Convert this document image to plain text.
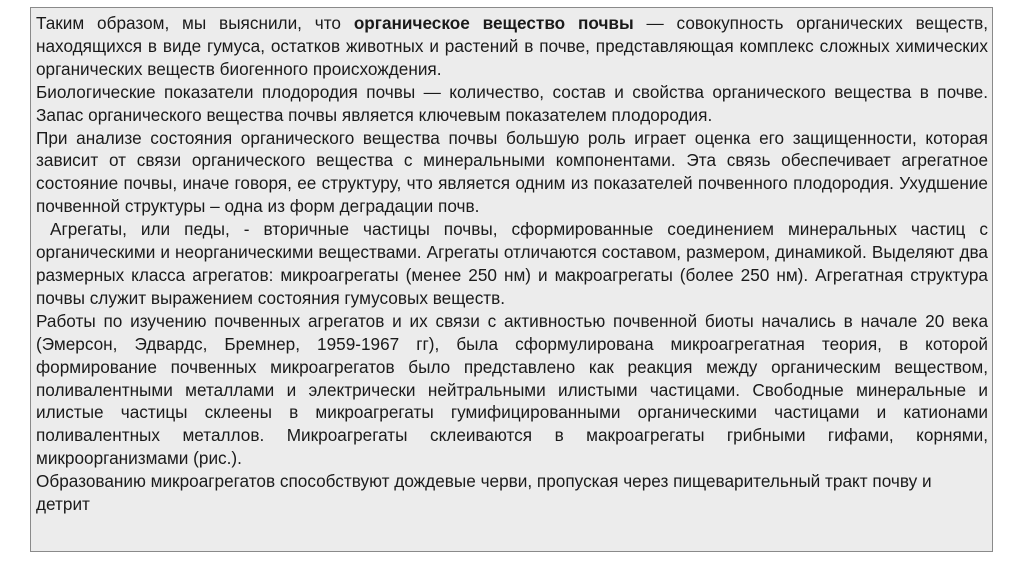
Таким образом, мы выяснили, что органическое вещество почвы — совокупность органических веществ, находящихся в виде гумуса, остатков животных и растений в почве, представляющая комплекс сложных химических органических веществ биогенного происхождения.

Биологические показатели плодородия почвы — количество, состав и свойства органического вещества в почве. Запас органического вещества почвы является ключевым показателем плодородия.

При анализе состояния органического вещества почвы большую роль играет оценка его защищенности, которая зависит от связи органического вещества с минеральными компонентами. Эта связь обеспечивает агрегатное состояние почвы, иначе говоря, ее структуру, что является одним из показателей почвенного плодородия. Ухудшение почвенной структуры – одна из форм деградации почв.

Агрегаты, или педы, - вторичные частицы почвы, сформированные соединением минеральных частиц с органическими и неорганическими веществами. Агрегаты отличаются составом, размером, динамикой. Выделяют два размерных класса агрегатов: микроагрегаты (менее 250 нм) и макроагрегаты (более 250 нм). Агрегатная структура почвы служит выражением состояния гумусовых веществ.

Работы по изучению почвенных агрегатов и их связи с активностью почвенной биоты начались в начале 20 века (Эмерсон, Эдвардс, Бремнер, 1959-1967 гг), была сформулирована микроагрегатная теория, в которой формирование почвенных микроагрегатов было представлено как реакция между органическим веществом, поливалентными металлами и электрически нейтральными илистыми частицами. Свободные минеральные и илистые частицы склеены в микроагрегаты гумифицированными органическими частицами и катионами поливалентных металлов. Микроагрегаты склеиваются в макроагрегаты грибными гифами, корнями, микроорганизмами (рис.).

Образованию микроагрегатов способствуют дождевые черви, пропуская через пищеварительный тракт почву и детрит
